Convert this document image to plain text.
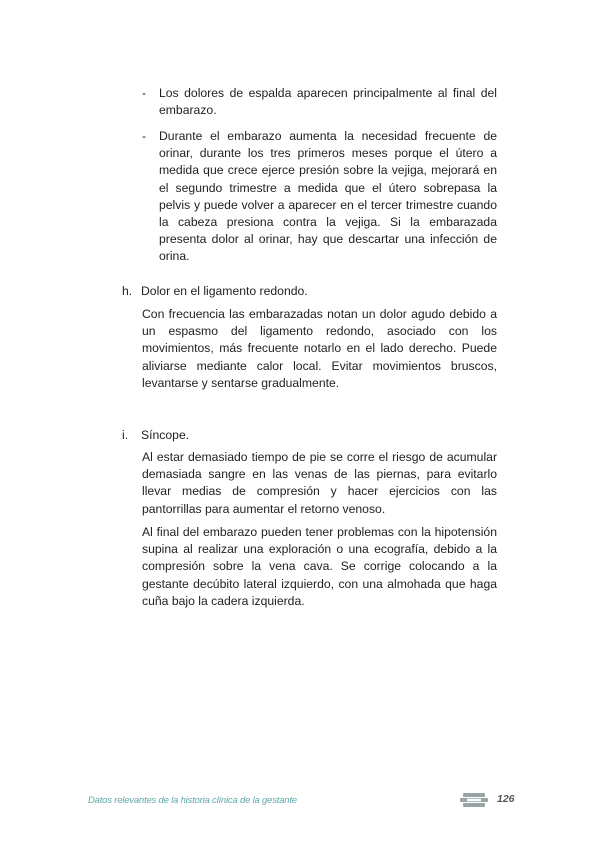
- Los dolores de espalda aparecen principalmente al final del embarazo.
- Durante el embarazo aumenta la necesidad frecuente de orinar, durante los tres primeros meses porque el útero a medida que crece ejerce presión sobre la vejiga, mejorará en el segundo trimestre a medida que el útero sobrepasa la pelvis y puede volver a aparecer en el tercer trimestre cuando la cabeza presiona contra la vejiga. Si la embarazada presenta dolor al orinar, hay que descartar una infección de orina.
h. Dolor en el ligamento redondo.
Con frecuencia las embarazadas notan un dolor agudo debido a un espasmo del ligamento redondo, asociado con los movimientos, más frecuente notarlo en el lado derecho. Puede aliviarse mediante calor local. Evitar movimientos bruscos, levantarse y sentarse gradualmente.
i. Síncope.
Al estar demasiado tiempo de pie se corre el riesgo de acumular demasiada sangre en las venas de las piernas, para evitarlo llevar medias de compresión y hacer ejercicios con las pantorrillas para aumentar el retorno venoso.
Al final del embarazo pueden tener problemas con la hipotensión supina al realizar una exploración o una ecografía, debido a la compresión sobre la vena cava. Se corrige colocando a la gestante decúbito lateral izquierdo, con una almohada que haga cuña bajo la cadera izquierda.
Datos relevantes de la historia clínica de la gestante	126
